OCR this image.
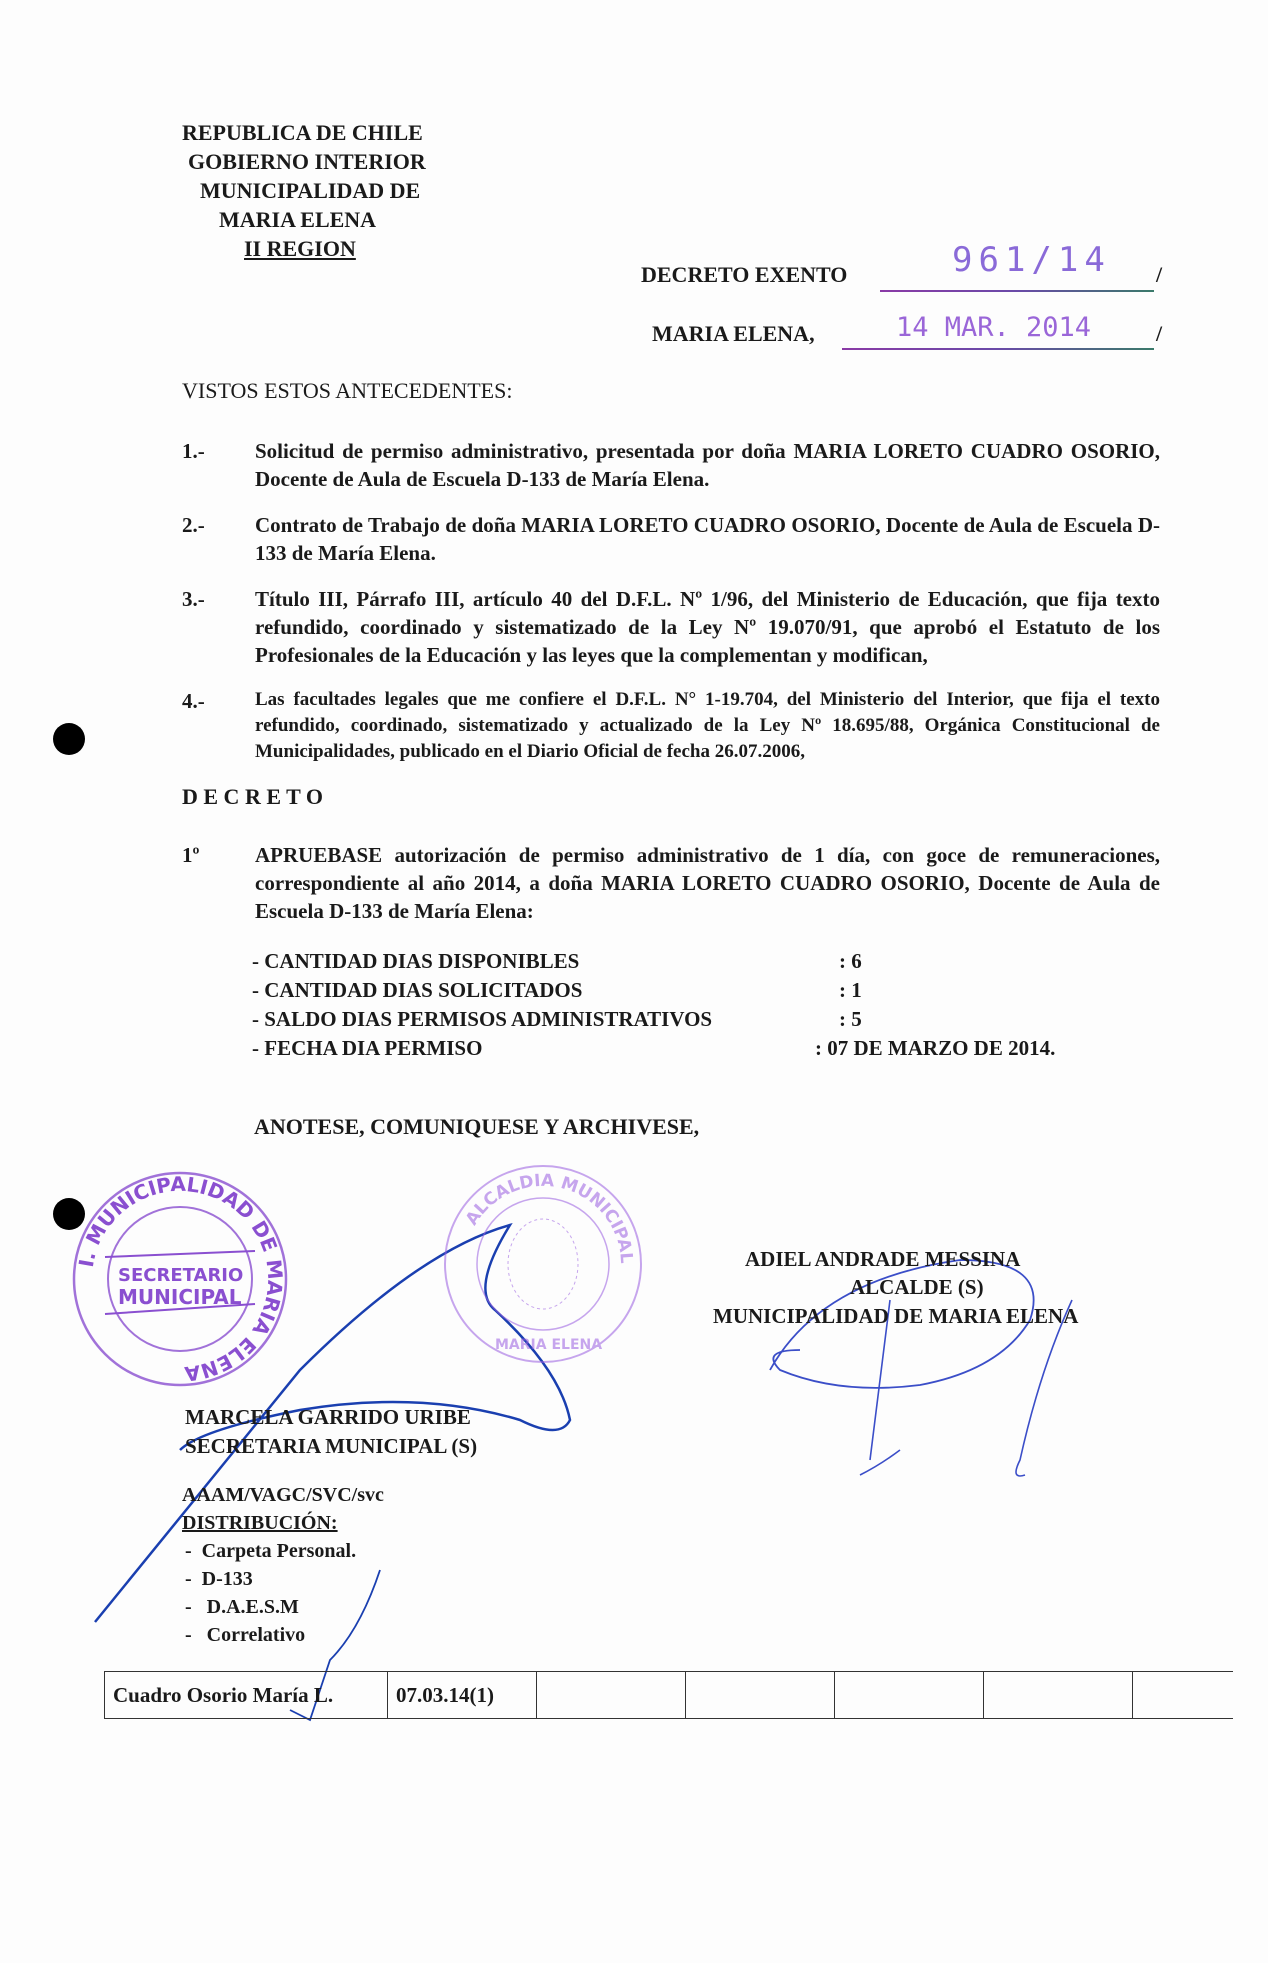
REPUBLICA DE CHILE
GOBIERNO INTERIOR
MUNICIPALIDAD DE
MARIA ELENA
II REGION
DECRETO EXENTO	961/14 /
MARIA ELENA,	14 MAR. 2014	/
VISTOS ESTOS ANTECEDENTES:
1.-	Solicitud de permiso administrativo, presentada por doña MARIA LORETO CUADRO OSORIO, Docente de Aula de Escuela D-133 de María Elena.
2.-	Contrato de Trabajo de doña MARIA LORETO CUADRO OSORIO, Docente de Aula de Escuela D-133 de María Elena.
3.-	Título III, Párrafo III, artículo 40 del D.F.L. Nº 1/96, del Ministerio de Educación, que fija texto refundido, coordinado y sistematizado de la Ley Nº 19.070/91, que aprobó el Estatuto de los Profesionales de la Educación y las leyes que la complementan y modifican,
4.-	Las facultades legales que me confiere el D.F.L. N° 1-19.704, del Ministerio del Interior, que fija el texto refundido, coordinado, sistematizado y actualizado de la Ley Nº 18.695/88, Orgánica Constitucional de Municipalidades, publicado en el Diario Oficial de fecha 26.07.2006,
D E C R E T O
1º	APRUEBASE autorización de permiso administrativo de 1 día, con goce de remuneraciones, correspondiente al año 2014, a doña MARIA LORETO CUADRO OSORIO, Docente de Aula de Escuela D-133 de María Elena:
- CANTIDAD DIAS DISPONIBLES	: 6
- CANTIDAD DIAS SOLICITADOS	: 1
- SALDO DIAS PERMISOS ADMINISTRATIVOS	: 5
- FECHA DIA PERMISO	: 07 DE MARZO DE 2014.
ANOTESE, COMUNIQUESE Y ARCHIVESE,
I. MUNICIPALIDAD DE MARIA ELENA
SECRETARIO
MUNICIPAL
ALCALDIA MUNICIPAL
MARIA ELENA
ADIEL ANDRADE MESSINA
ALCALDE (S)
MUNICIPALIDAD DE MARIA ELENA
MARCELA GARRIDO URIBE
SECRETARIA MUNICIPAL (S)
AAAM/VAGC/SVC/svc
DISTRIBUCIÓN:
-  Carpeta Personal.
-  D-133
-   D.A.E.S.M
-   Correlativo
Cuadro Osorio María L.	07.03.14(1)					
